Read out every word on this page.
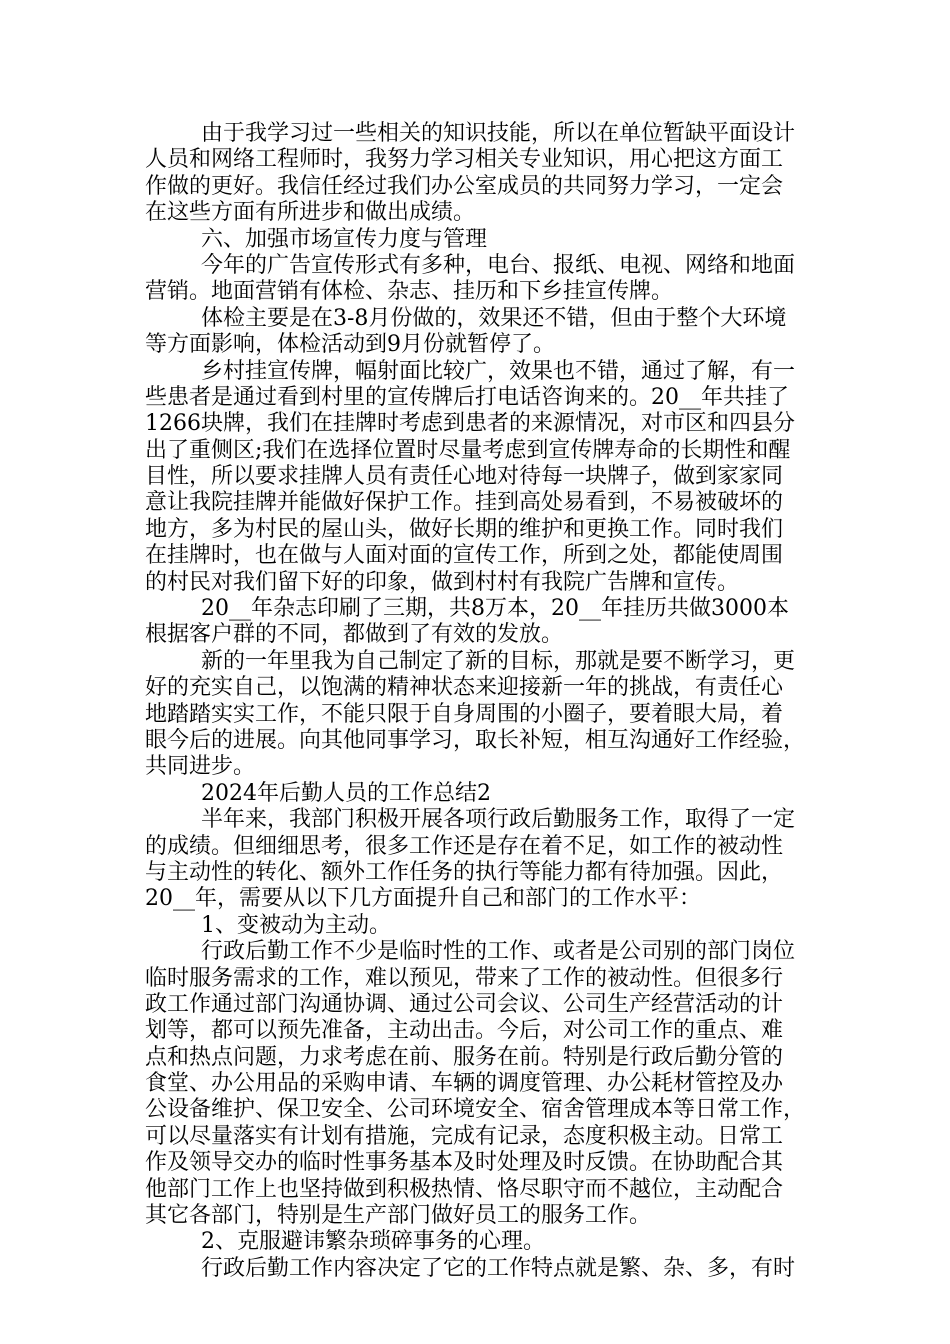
由于我学习过一些相关的知识技能，所以在单位暂缺平面设计
人员和网络工程师时，我努力学习相关专业知识，用心把这方面工
作做的更好。我信任经过我们办公室成员的共同努力学习，一定会
在这些方面有所进步和做出成绩。
六、加强市场宣传力度与管理
今年的广告宣传形式有多种，电台、报纸、电视、网络和地面
营销。地面营销有体检、杂志、挂历和下乡挂宣传牌。
体检主要是在3-8月份做的，效果还不错，但由于整个大环境
等方面影响，体检活动到9月份就暂停了。
乡村挂宣传牌，幅射面比较广，效果也不错，通过了解，有一
些患者是通过看到村里的宣传牌后打电话咨询来的。20__年共挂了
1266块牌，我们在挂牌时考虑到患者的来源情况，对市区和四县分
出了重侧区;我们在选择位置时尽量考虑到宣传牌寿命的长期性和醒
目性，所以要求挂牌人员有责任心地对待每一块牌子，做到家家同
意让我院挂牌并能做好保护工作。挂到高处易看到，不易被破坏的
地方，多为村民的屋山头，做好长期的维护和更换工作。同时我们
在挂牌时，也在做与人面对面的宣传工作，所到之处，都能使周围
的村民对我们留下好的印象，做到村村有我院广告牌和宣传。
20__年杂志印刷了三期，共8万本，20__年挂历共做3000本
根据客户群的不同，都做到了有效的发放。
新的一年里我为自己制定了新的目标，那就是要不断学习，更
好的充实自己，以饱满的精神状态来迎接新一年的挑战，有责任心
地踏踏实实工作，不能只限于自身周围的小圈子，要着眼大局，着
眼今后的进展。向其他同事学习，取长补短，相互沟通好工作经验，
共同进步。
2024年后勤人员的工作总结2
半年来，我部门积极开展各项行政后勤服务工作，取得了一定
的成绩。但细细思考，很多工作还是存在着不足，如工作的被动性
与主动性的转化、额外工作任务的执行等能力都有待加强。因此，
20__年，需要从以下几方面提升自己和部门的工作水平：
1、变被动为主动。
行政后勤工作不少是临时性的工作、或者是公司别的部门岗位
临时服务需求的工作，难以预见，带来了工作的被动性。但很多行
政工作通过部门沟通协调、通过公司会议、公司生产经营活动的计
划等，都可以预先准备，主动出击。今后，对公司工作的重点、难
点和热点问题，力求考虑在前、服务在前。特别是行政后勤分管的
食堂、办公用品的采购申请、车辆的调度管理、办公耗材管控及办
公设备维护、保卫安全、公司环境安全、宿舍管理成本等日常工作，
可以尽量落实有计划有措施，完成有记录，态度积极主动。日常工
作及领导交办的临时性事务基本及时处理及时反馈。在协助配合其
他部门工作上也坚持做到积极热情、恪尽职守而不越位，主动配合
其它各部门，特别是生产部门做好员工的服务工作。
2、克服避讳繁杂琐碎事务的心理。
行政后勤工作内容决定了它的工作特点就是繁、杂、多，有时
